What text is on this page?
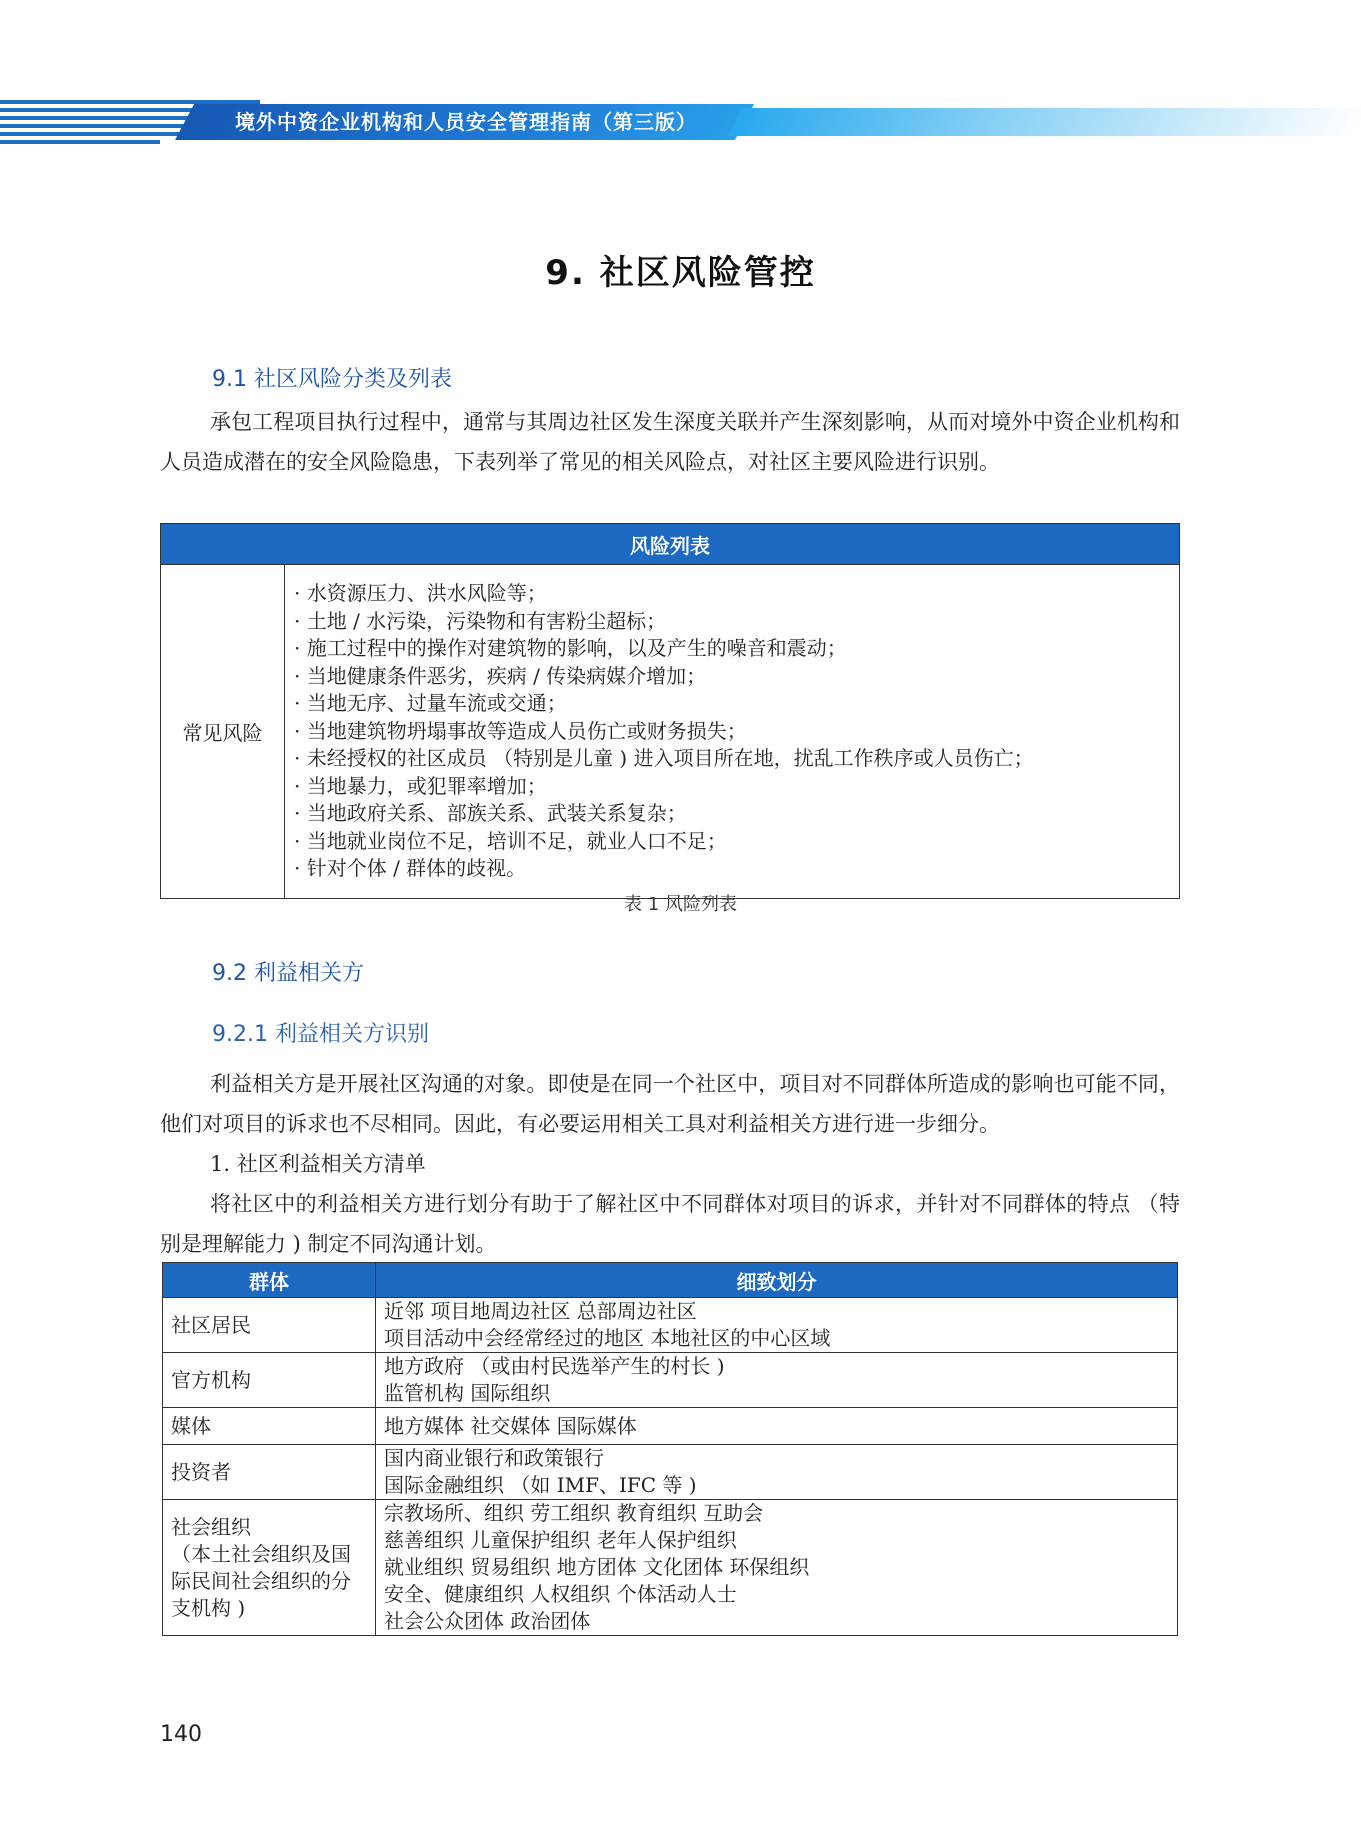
境外中资企业机构和人员安全管理指南（第三版）
9. 社区风险管控
9.1 社区风险分类及列表

承包工程项目执行过程中，通常与其周边社区发生深度关联并产生深刻影响，从而对境外中资企业机构和人员造成潜在的安全风险隐患，下表列举了常见的相关风险点，对社区主要风险进行识别。

风险列表
常见风险	
· 水资源压力、洪水风险等；
· 土地 / 水污染，污染物和有害粉尘超标；
· 施工过程中的操作对建筑物的影响，以及产生的噪音和震动；
· 当地健康条件恶劣，疾病 / 传染病媒介增加；
· 当地无序、过量车流或交通；
· 当地建筑物坍塌事故等造成人员伤亡或财务损失；
· 未经授权的社区成员 （特别是儿童 ) 进入项目所在地，扰乱工作秩序或人员伤亡；
· 当地暴力，或犯罪率增加；
· 当地政府关系、部族关系、武装关系复杂；
· 当地就业岗位不足，培训不足，就业人口不足；
· 针对个体 / 群体的歧视。
表 1 风险列表
9.2 利益相关方
9.2.1 利益相关方识别

利益相关方是开展社区沟通的对象。即使是在同一个社区中，项目对不同群体所造成的影响也可能不同，他们对项目的诉求也不尽相同。因此，有必要运用相关工具对利益相关方进行进一步细分。

1. 社区利益相关方清单

将社区中的利益相关方进行划分有助于了解社区中不同群体对项目的诉求，并针对不同群体的特点 （特别是理解能力 ) 制定不同沟通计划。

群体	细致划分
社区居民	近邻 项目地周边社区 总部周边社区
项目活动中会经常经过的地区 本地社区的中心区域

官方机构	地方政府 （或由村民选举产生的村长 )
监管机构 国际组织

媒体	地方媒体 社交媒体 国际媒体

投资者	国内商业银行和政策银行
国际金融组织 （如 IMF、IFC 等 )

社会组织
（本土社会组织及国际民间社会组织的分支机构 )	宗教场所、组织 劳工组织 教育组织 互助会
慈善组织 儿童保护组织 老年人保护组织
就业组织 贸易组织 地方团体 文化团体 环保组织
安全、健康组织 人权组织 个体活动人士
社会公众团体 政治团体
140
